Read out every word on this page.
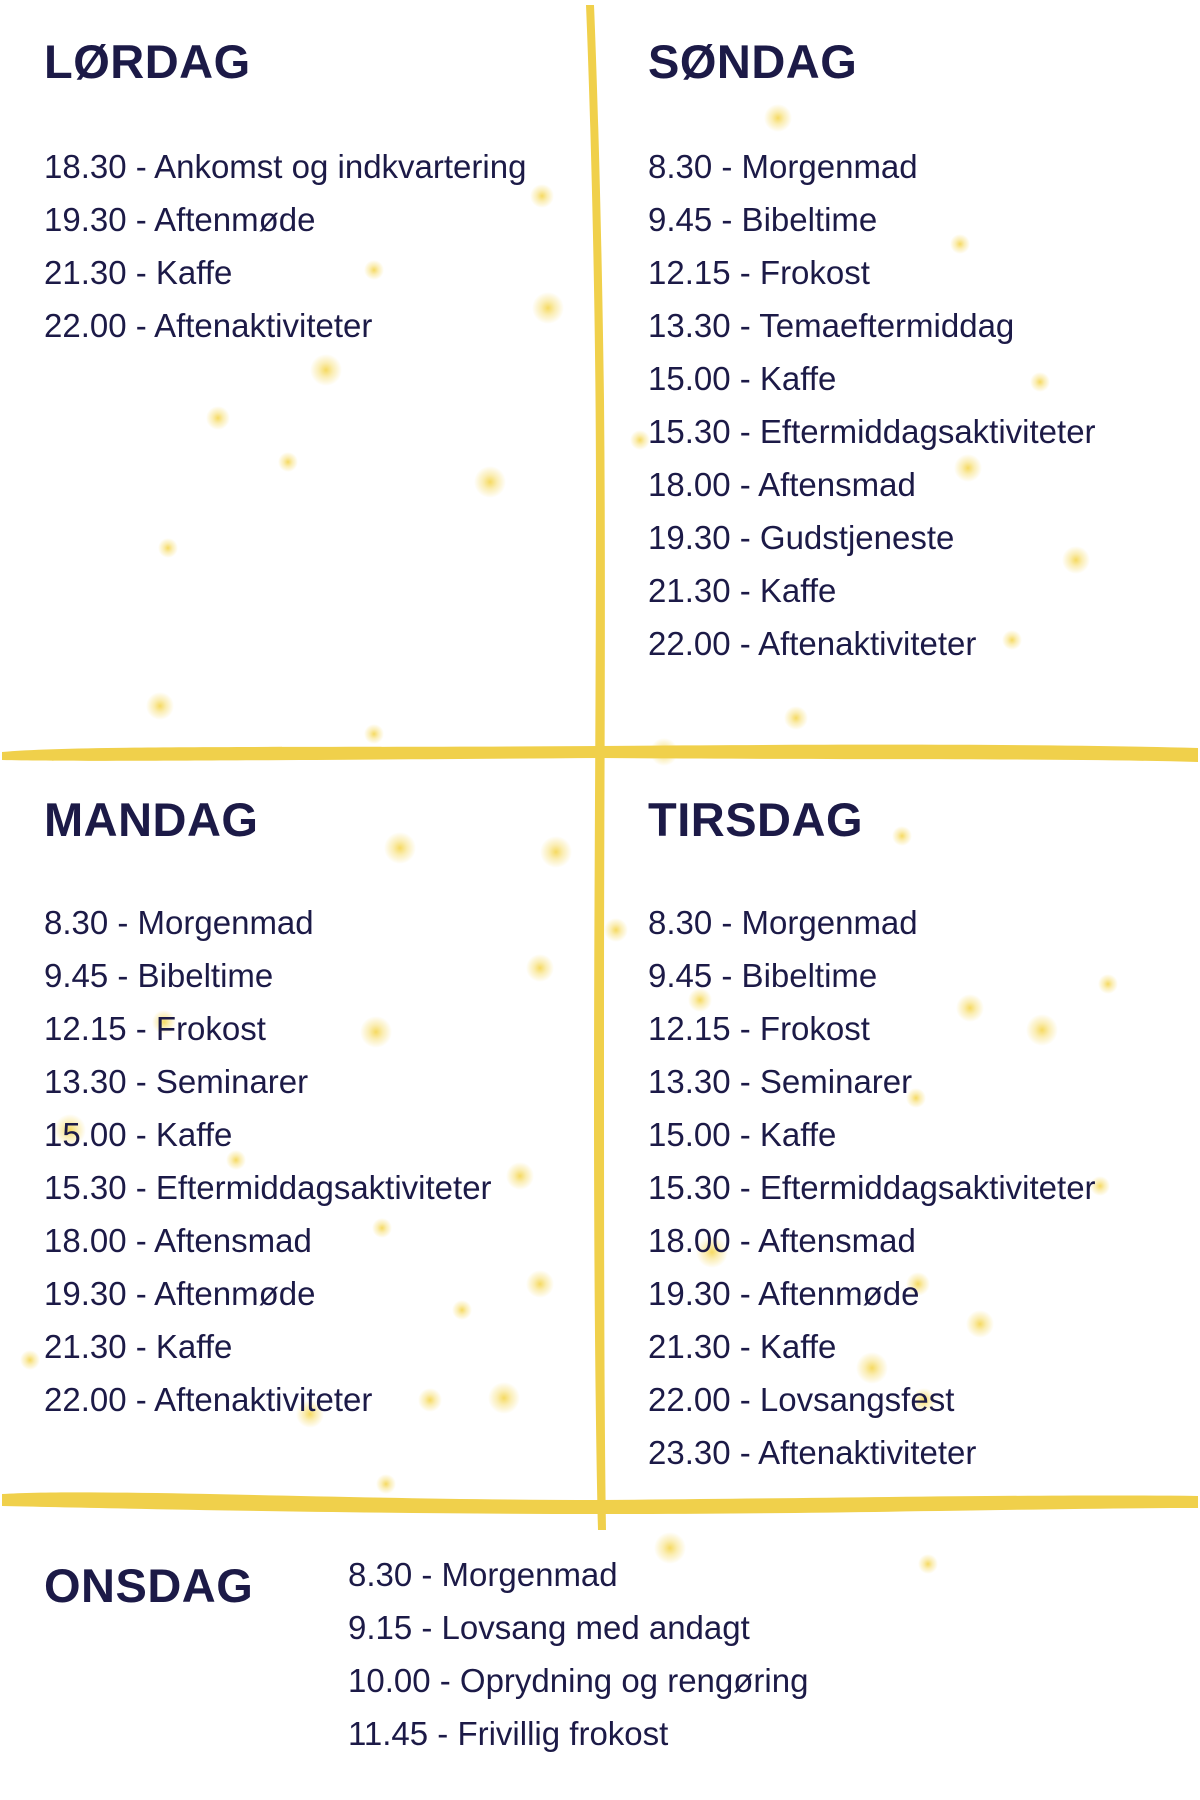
LØRDAG
18.30 - Ankomst og indkvartering
19.30 - Aftenmøde
21.30 - Kaffe
22.00 - Aftenaktiviteter
SØNDAG
8.30 - Morgenmad
9.45 - Bibeltime
12.15 - Frokost
13.30 - Temaeftermiddag
15.00 - Kaffe
15.30 - Eftermiddagsaktiviteter
18.00 - Aftensmad
19.30 - Gudstjeneste
21.30 - Kaffe
22.00 - Aftenaktiviteter
MANDAG
8.30 - Morgenmad
9.45 - Bibeltime
12.15 - Frokost
13.30 - Seminarer
15.00 - Kaffe
15.30 - Eftermiddagsaktiviteter
18.00 - Aftensmad
19.30 - Aftenmøde
21.30 - Kaffe
22.00 - Aftenaktiviteter
TIRSDAG
8.30 - Morgenmad
9.45 - Bibeltime
12.15 - Frokost
13.30 - Seminarer
15.00 - Kaffe
15.30 - Eftermiddagsaktiviteter
18.00 - Aftensmad
19.30 - Aftenmøde
21.30 - Kaffe
22.00 - Lovsangsfest
23.30 - Aftenaktiviteter
ONSDAG	8.30 - Morgenmad
9.15 - Lovsang med andagt
10.00 - Oprydning og rengøring
11.45 - Frivillig frokost
